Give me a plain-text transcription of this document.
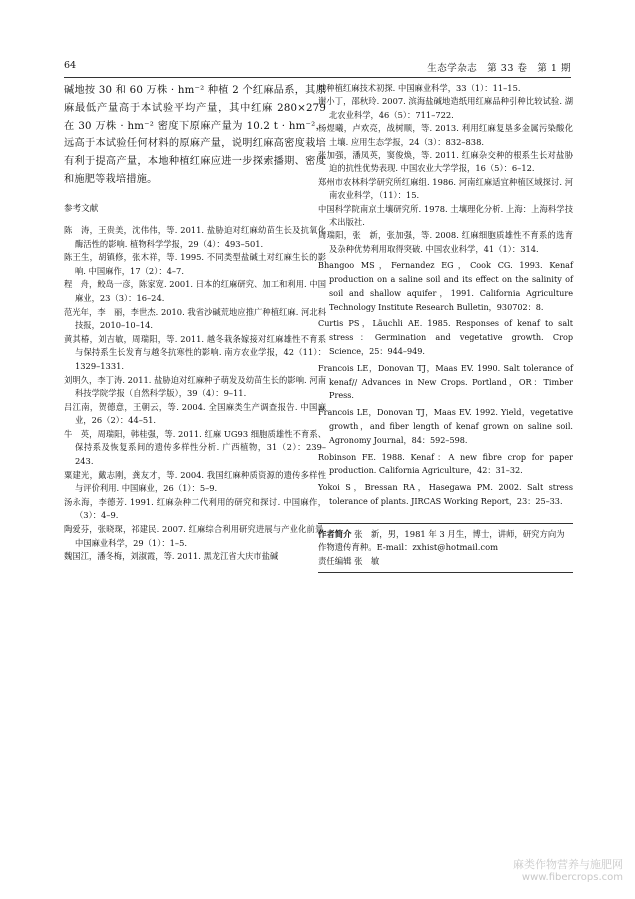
64	生态学杂志　第 33 卷　第 1 期

碱地按 30 和 60 万株 · hm⁻² 种植 2 个红麻品系，其原麻最低产量高于本试验平均产量，其中红麻 280×279 在 30 万株 · hm⁻² 密度下原麻产量为 10.2 t · hm⁻²，远高于本试验任何材料的原麻产量，说明红麻高密度栽培有利于提高产量，本地种植红麻应进一步探索播期、密度和施肥等栽培措施。

参考文献
陈　涛，王贵美，沈伟伟，等. 2011. 盐胁迫对红麻幼苗生长及抗氧化酶活性的影响. 植物科学学报，29（4）：493–501.
陈王生，胡镇修，张木祥，等. 1995. 不同类型盐碱土对红麻生长的影响. 中国麻作，17（2）：4–7.
程　舟，鲛岛一彦，陈家宽. 2001. 日本的红麻研究、加工和利用. 中国麻业，23（3）：16–24.
范光年，李　丽，李世杰. 2010. 我省沙碱荒地应推广种植红麻. 河北科技报，2010–10–14.
黄其椿，刘吉敏，周瑞阳，等. 2011. 越冬栽条嫁接对红麻雄性不育系与保持系生长发育与越冬抗寒性的影响. 南方农业学报，42（11）：1329–1331.
刘明久，李丁涛. 2011. 盐胁迫对红麻种子萌发及幼苗生长的影响. 河南科技学院学报（自然科学版），39（4）：9–11.
吕江南，贺德意，王朝云，等. 2004. 全国麻类生产调查报告. 中国麻业，26（2）：44–51.
牛　英，周瑞阳，韩桂强，等. 2011. 红麻 UG93 细胞质雄性不育系、保持系及恢复系间的遗传多样性分析. 广西植物，31（2）：239–243.
粟建光，戴志刚，龚友才，等. 2004. 我国红麻种质资源的遗传多样性与评价利用. 中国麻业，26（1）：5–9.
汤永海，李德芳. 1991. 红麻杂种二代利用的研究和探讨. 中国麻作，（3）：4–9.
陶爱芬，张晓琛，祁建民. 2007. 红麻综合利用研究进展与产业化前景. 中国麻业科学，29（1）：1–5.
魏国江，潘冬梅，刘淑霞，等. 2011. 黑龙江省大庆市盐碱
地种植红麻技术初探. 中国麻业科学，33（1）：11–15.
谢小丁，邵秋玲. 2007. 滨海盐碱地造纸用红麻品种引种比较试验. 湖北农业科学，46（5）：711–722.
杨煜曦，卢欢亮，战树顺，等. 2013. 利用红麻复垦多金属污染酸化土壤. 应用生态学报，24（3）：832–838.
张加强，潘凤英，窦俊焕，等. 2011. 红麻杂交种的根系生长对盐胁迫的抗性优势表现. 中国农业大学学报，16（5）：6–12.
郑州市农林科学研究所红麻组. 1986. 河南红麻适宜种植区域探讨. 河南农业科学，（11）：15.
中国科学院南京土壤研究所. 1978. 土壤理化分析. 上海：上海科学技术出版社.
周瑞阳，张　新，张加强，等. 2008. 红麻细胞质雄性不育系的选育及杂种优势利用取得突破. 中国农业科学，41（1）：314.
Bhangoo MS，Fernandez EG，Cook CG. 1993. Kenaf production on a saline soil and its effect on the salinity of soil and shallow aquifer，1991. California Agriculture Technology Institute Research Bulletin，930702：8.
Curtis PS，Läuchli AE. 1985. Responses of kenaf to salt stress：Germination and vegetative growth. Crop Science，25：944–949.
Francois LE，Donovan TJ，Maas EV. 1990. Salt tolerance of kenaf// Advances in New Crops. Portland，OR：Timber Press.
Francois LE，Donovan TJ，Maas EV. 1992. Yield，vegetative growth，and fiber length of kenaf grown on saline soil. Agronomy Journal，84：592–598.
Robinson FE. 1988. Kenaf：A new fibre crop for paper production. California Agriculture，42：31–32.
Yokoi S，Bressan RA，Hasegawa PM. 2002. Salt stress tolerance of plants. JIRCAS Working Report，23：25–33.
作者简介 张　新，男，1981 年 3 月生，博士，讲师，研究方向为作物遗传育种。E-mail：zxhist@hotmail.com
责任编辑 张　敏
麻类作物营养与施肥网
www.fibercrops.com
